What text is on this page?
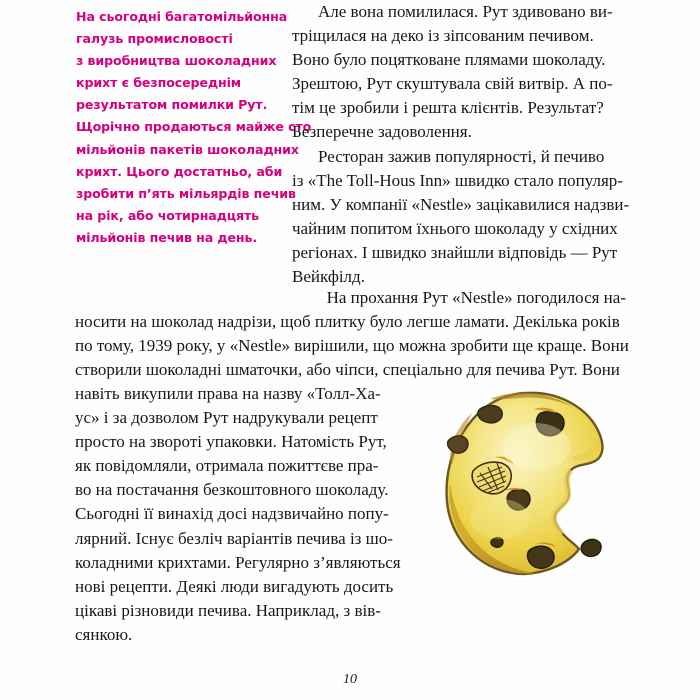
На сьогодні багатомільйонна
галузь промисловості
з виробництва шоколадних
крихт є безпосереднім
результатом помилки Рут.
Щорічно продаються майже сто
мільйонів пакетів шоколадних
крихт. Цього достатньо, аби
зробити п’ять мільярдів печив
на рік, або чотирнадцять
мільйонів печив на день.

Але вона помилилася. Рут здивовано ви-
тріщилася на деко із зіпсованим печивом.
Воно було поцятковане плямами шоколаду.
Зрештою, Рут скуштувала свій витвір. А по-
тім це зробили і решта клієнтів. Результат?
Безперечне задоволення.

Ресторан зажив популярності, й печиво
із «The Toll-Hous Inn» швидко стало популяр-
ним. У компанії «Nestle» зацікавилися надзви-
чайним попитом їхнього шоколаду у східних
регіонах. І швидко знайшли відповідь — Рут
Вейкфілд.

На прохання Рут «Nestle» погодилося на-
носити на шоколад надрізи, щоб плитку було легше ламати. Декілька років
по тому, 1939 року, у «Nestle» вирішили, що можна зробити ще краще. Вони
створили шоколадні шматочки, або чіпси, спеціально для печива Рут. Вони

навіть викупили права на назву «Толл-Ха-
ус» і за дозволом Рут надрукували рецепт
просто на звороті упаковки. Натомість Рут,
як повідомляли, отримала пожиттєве пра-
во на постачання безкоштовного шоколаду.
Сьогодні її винахід досі надзвичайно попу-
лярний. Існує безліч варіантів печива із шо-
коладними крихтами. Регулярно з’являються
нові рецепти. Деякі люди вигадують досить
цікаві різновиди печива. Наприклад, з вів-
сянкою.

10
